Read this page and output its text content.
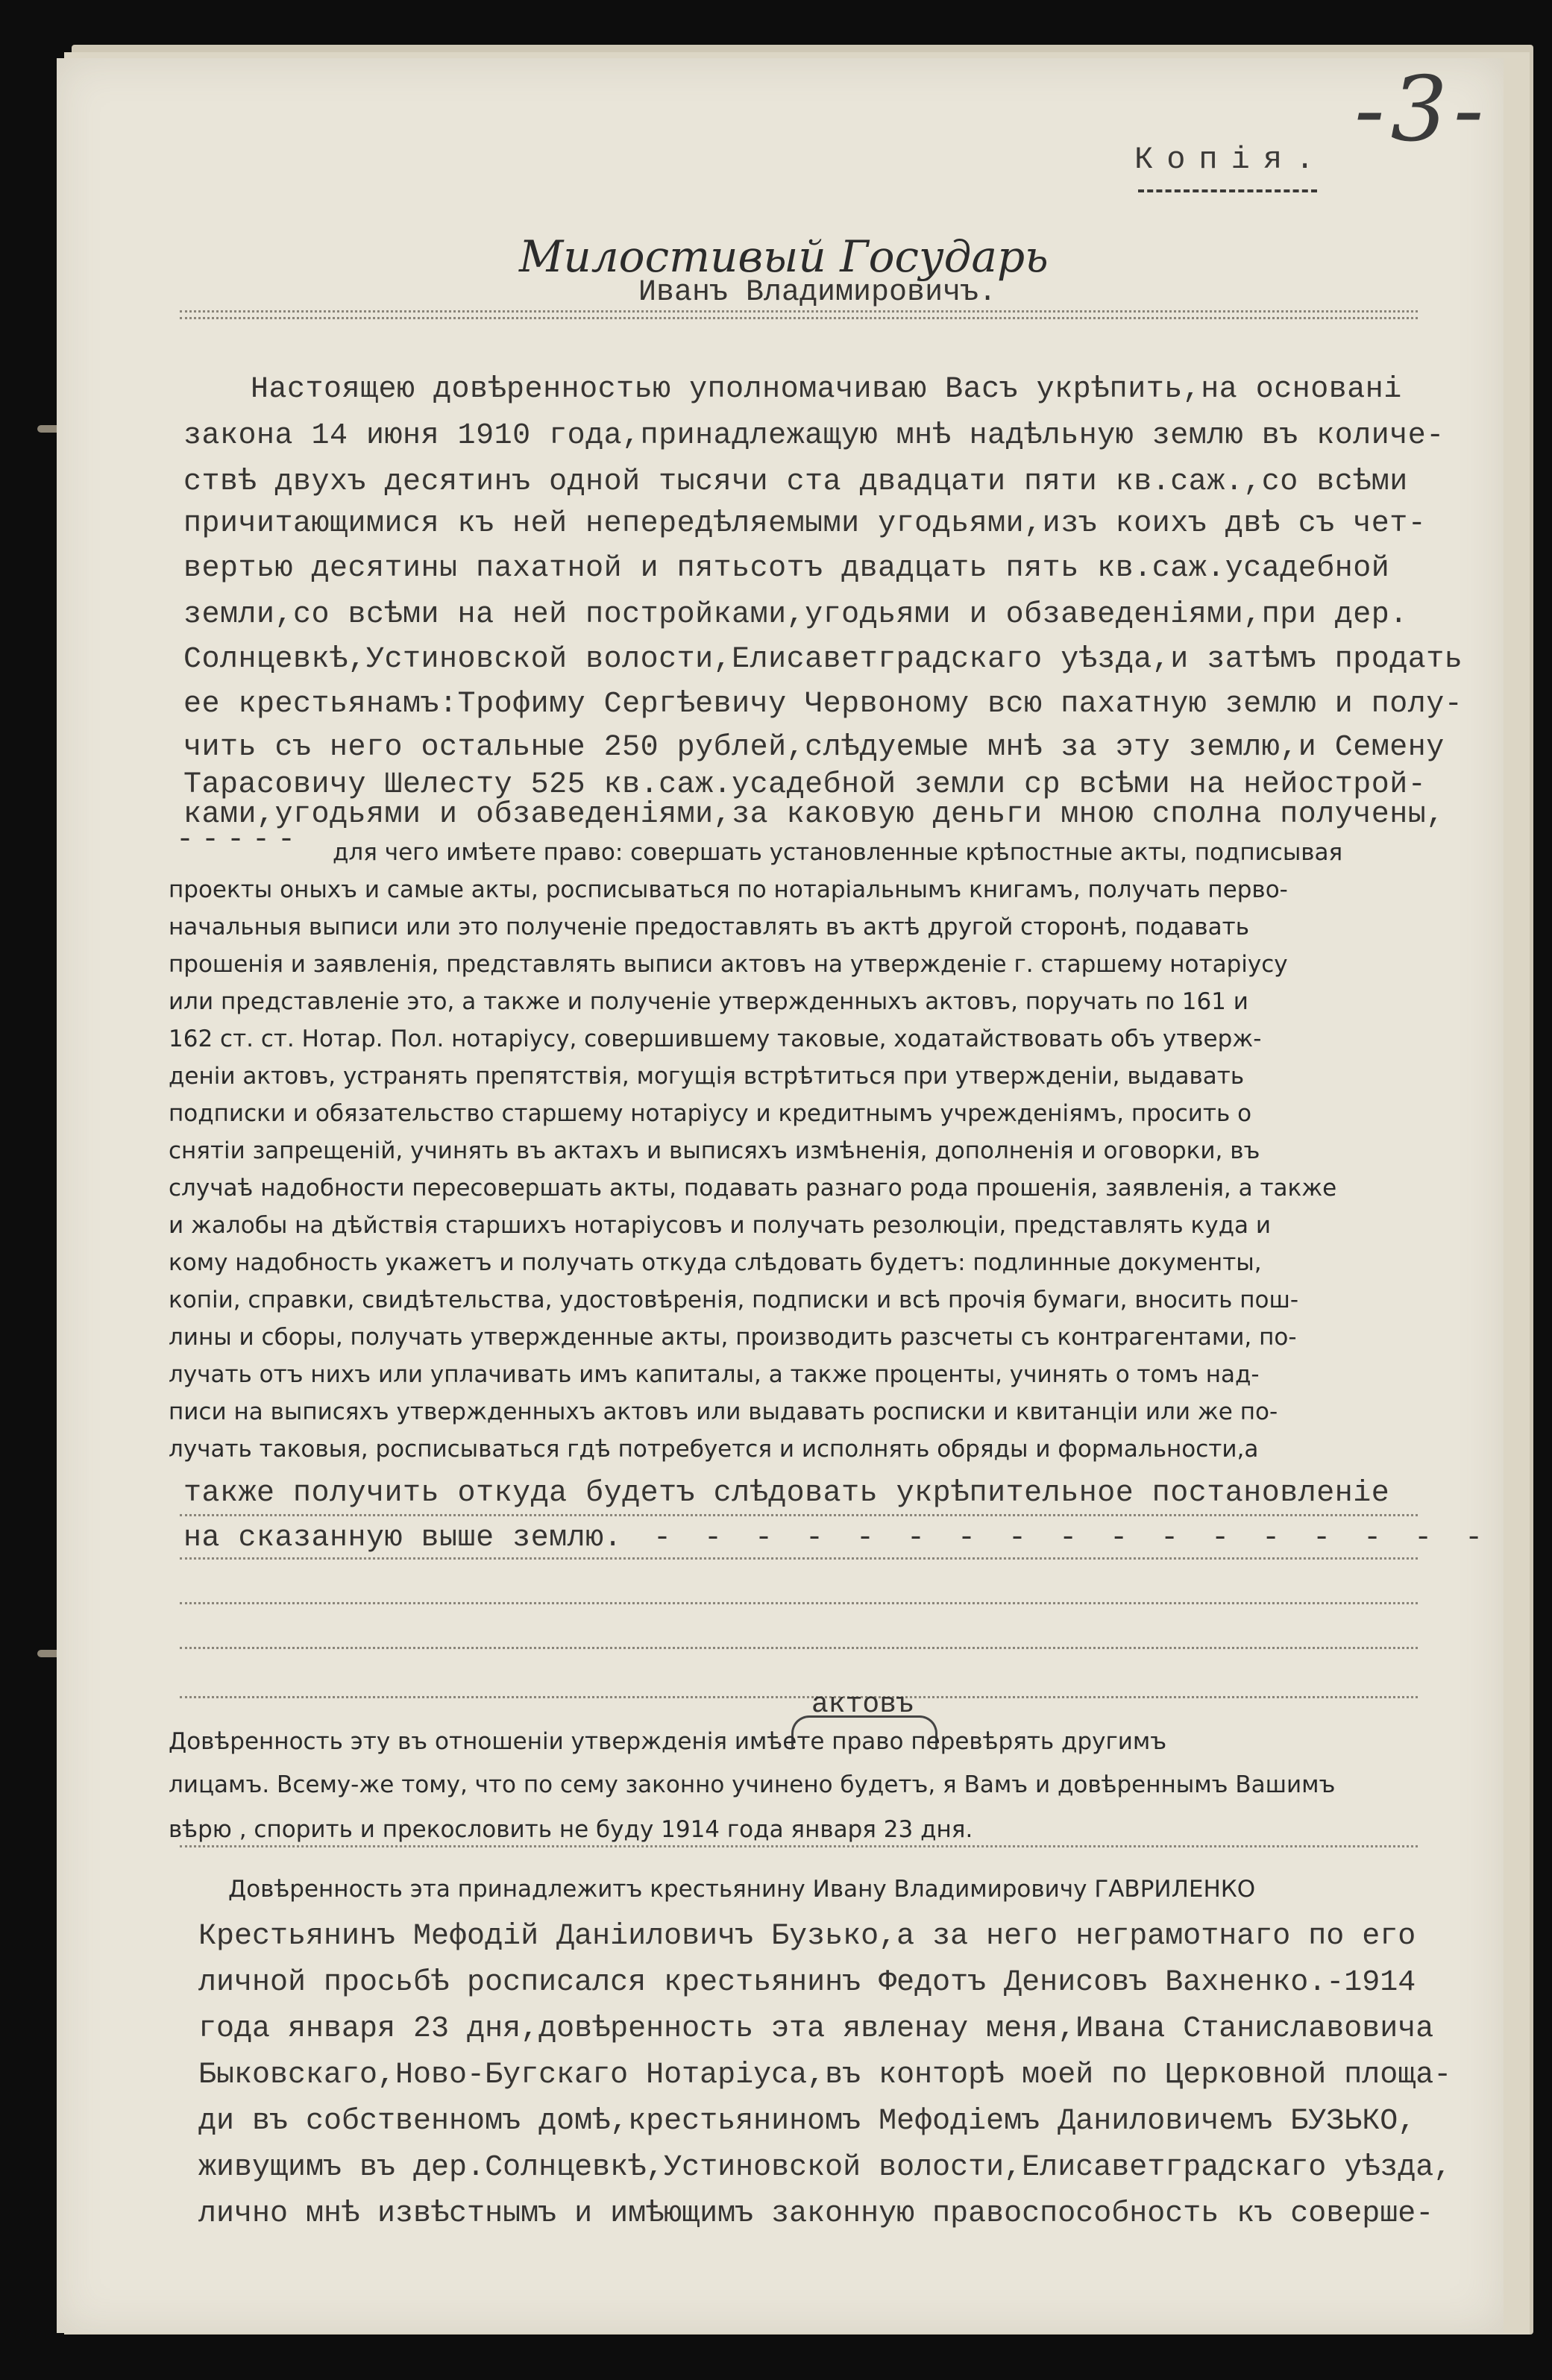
-3-
Копія.
Милостивый Государь
Иванъ Владимировичъ.
Настоящею довѣренностью уполномачиваю Васъ укрѣпить,на основані
закона 14 июня 1910 года,принадлежащую мнѣ надѣльную землю въ количе-
ствѣ двухъ десятинъ одной тысячи ста двадцати пяти кв.саж.,со всѣми
причитающимися къ ней непередѣляемыми угодьями,изъ коихъ двѣ съ чет-
вертью десятины пахатной и пятьсотъ двадцать пять кв.саж.усадебной
земли,со всѣми на ней постройками,угодьями и обзаведеніями,при дер.
Солнцевкѣ,Устиновской волости,Елисаветградскаго уѣзда,и затѣмъ продать
ее крестьянамъ:Трофиму Сергѣевичу Червоному всю пахатную землю и полу-
чить съ него остальные 250 рублей,слѣдуемые мнѣ за эту землю,и Семену
Тарасовичу Шелесту 525 кв.саж.усадебной земли ср всѣми на нейострой-
ками,угодьями и обзаведеніями,за каковую деньги мною сполна получены,
----- для чего имѣете право: совершать установленные крѣпостные акты, подписывая
проекты оныхъ и самые акты, росписываться по нотаріальнымъ книгамъ, получать перво-
начальныя выписи или это полученіе предоставлять въ актѣ другой сторонѣ, подавать
прошенія и заявленія, представлять выписи актовъ на утвержденіе г. старшему нотаріусу
или представленіе это, а также и полученіе утвержденныхъ актовъ, поручать по 161 и
162 ст. ст. Нотар. Пол. нотаріусу, совершившему таковые, ходатайствовать объ утверж-
деніи актовъ, устранять препятствія, могущія встрѣтиться при утвержденіи, выдавать
подписки и обязательство старшему нотаріусу и кредитнымъ учрежденіямъ, просить о
снятіи запрещеній, учинять въ актахъ и выписяхъ измѣненія, дополненія и оговорки, въ
случаѣ надобности пересовершать акты, подавать разнаго рода прошенія, заявленія, а также
и жалобы на дѣйствія старшихъ нотаріусовъ и получать резолюціи, представлять куда и
кому надобность укажетъ и получать откуда слѣдовать будетъ: подлинные документы,
копіи, справки, свидѣтельства, удостовѣренія, подписки и всѣ прочія бумаги, вносить пош-
лины и сборы, получать утвержденные акты, производить разсчеты съ контрагентами, по-
лучать отъ нихъ или уплачивать имъ капиталы, а также проценты, учинять о томъ над-
писи на выписяхъ утвержденныхъ актовъ или выдавать росписки и квитанціи или же по-
лучать таковыя, росписываться гдѣ потребуется и исполнять обряды и формальности,а
также получить откуда будетъ слѣдовать укрѣпительное постановленіе
на сказанную выше землю. - - - - - - - - - - - - - - - - -
актовъ
Довѣренность эту въ отношеніи утвержденія имѣете право перевѣрять другимъ
лицамъ. Всему-же тому, что по сему законно учинено будетъ, я Вамъ и довѣреннымъ Вашимъ
вѣрю , спорить и прекословить не буду 1914 года января 23 дня.
Довѣренность эта принадлежитъ крестьянину Ивану Владимировичу ГАВРИЛЕНКО
Крестьянинъ Мефодій Даніиловичъ Бузько,а за него неграмотнаго по его
личной просьбѣ росписался крестьянинъ Федотъ Денисовъ Вахненко.-1914
года января 23 дня,довѣренность эта явленау меня,Ивана Станиславовича
Быковскаго,Ново-Бугскаго Нотаріуса,въ конторѣ моей по Церковной площа-
ди въ собственномъ домѣ,крестьяниномъ Мефодіемъ Даниловичемъ БУЗЬКО,
живущимъ въ дер.Солнцевкѣ,Устиновской волости,Елисаветградскаго уѣзда,
лично мнѣ извѣстнымъ и имѣющимъ законную правоспособность къ соверше-
